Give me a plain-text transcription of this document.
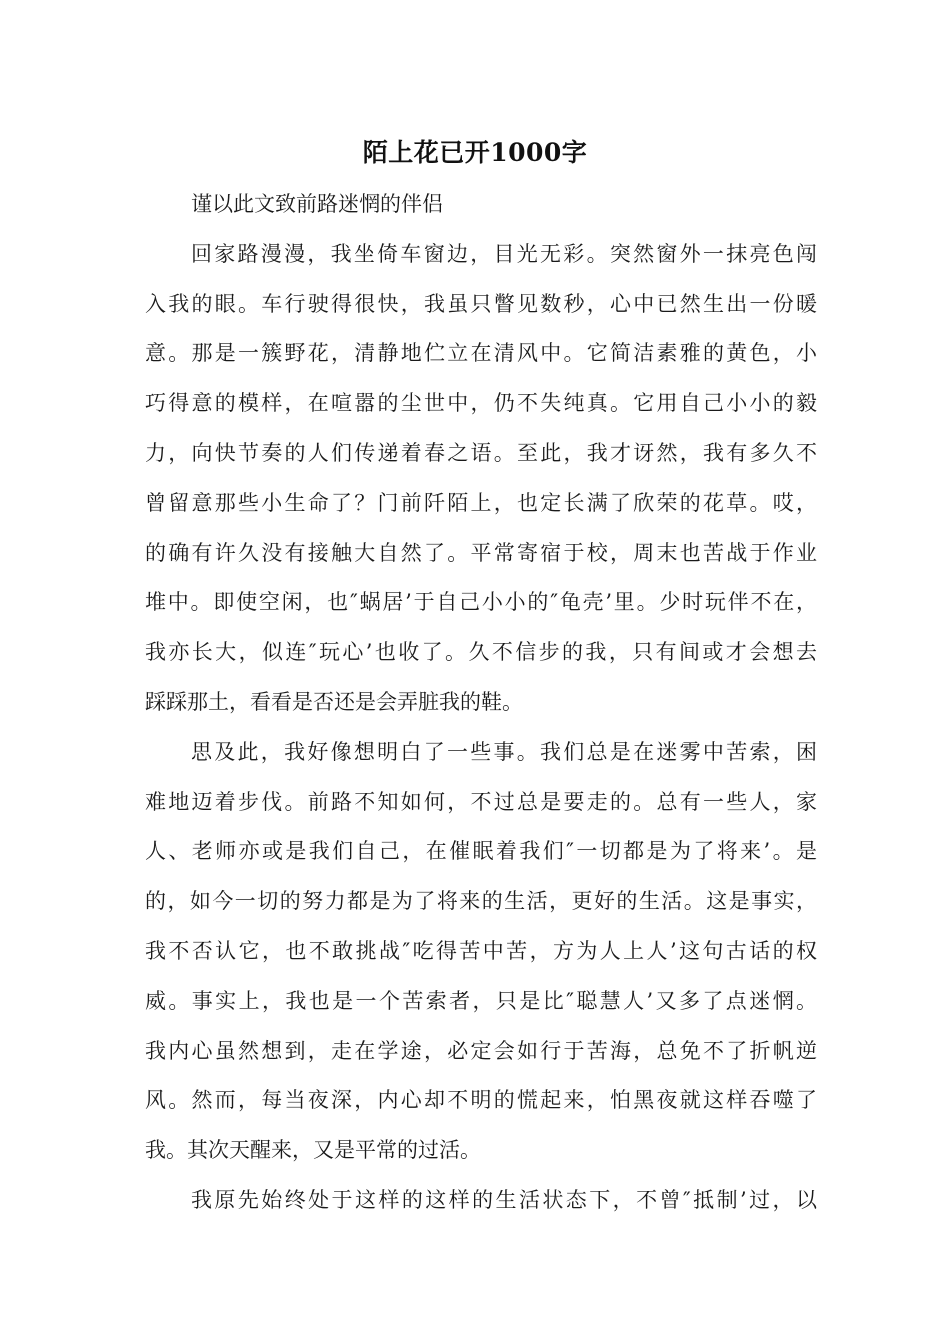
陌上花已开1000字
谨以此文致前路迷惘的伴侣
回家路漫漫，我坐倚车窗边，目光无彩。突然窗外一抹亮色闯
入我的眼。车行驶得很快，我虽只瞥见数秒，心中已然生出一份暖
意。那是一簇野花，清静地伫立在清风中。它简洁素雅的黄色，小
巧得意的模样，在喧嚣的尘世中，仍不失纯真。它用自己小小的毅
力，向快节奏的人们传递着春之语。至此，我才讶然，我有多久不
曾留意那些小生命了？门前阡陌上，也定长满了欣荣的花草。哎，
的确有许久没有接触大自然了。平常寄宿于校，周末也苦战于作业
堆中。即使空闲，也″蜗居’于自己小小的″龟壳’里。少时玩伴不在，
我亦长大，似连″玩心’也收了。久不信步的我，只有间或才会想去
踩踩那土，看看是否还是会弄脏我的鞋。
思及此，我好像想明白了一些事。我们总是在迷雾中苦索，困
难地迈着步伐。前路不知如何，不过总是要走的。总有一些人，家
人、老师亦或是我们自己，在催眠着我们″一切都是为了将来’。是
的，如今一切的努力都是为了将来的生活，更好的生活。这是事实，
我不否认它，也不敢挑战″吃得苦中苦，方为人上人’这句古话的权
威。事实上，我也是一个苦索者，只是比″聪慧人’又多了点迷惘。
我内心虽然想到，走在学途，必定会如行于苦海，总免不了折帆逆
风。然而，每当夜深，内心却不明的慌起来，怕黑夜就这样吞噬了
我。其次天醒来，又是平常的过活。
我原先始终处于这样的这样的生活状态下，不曾″抵制’过，以
